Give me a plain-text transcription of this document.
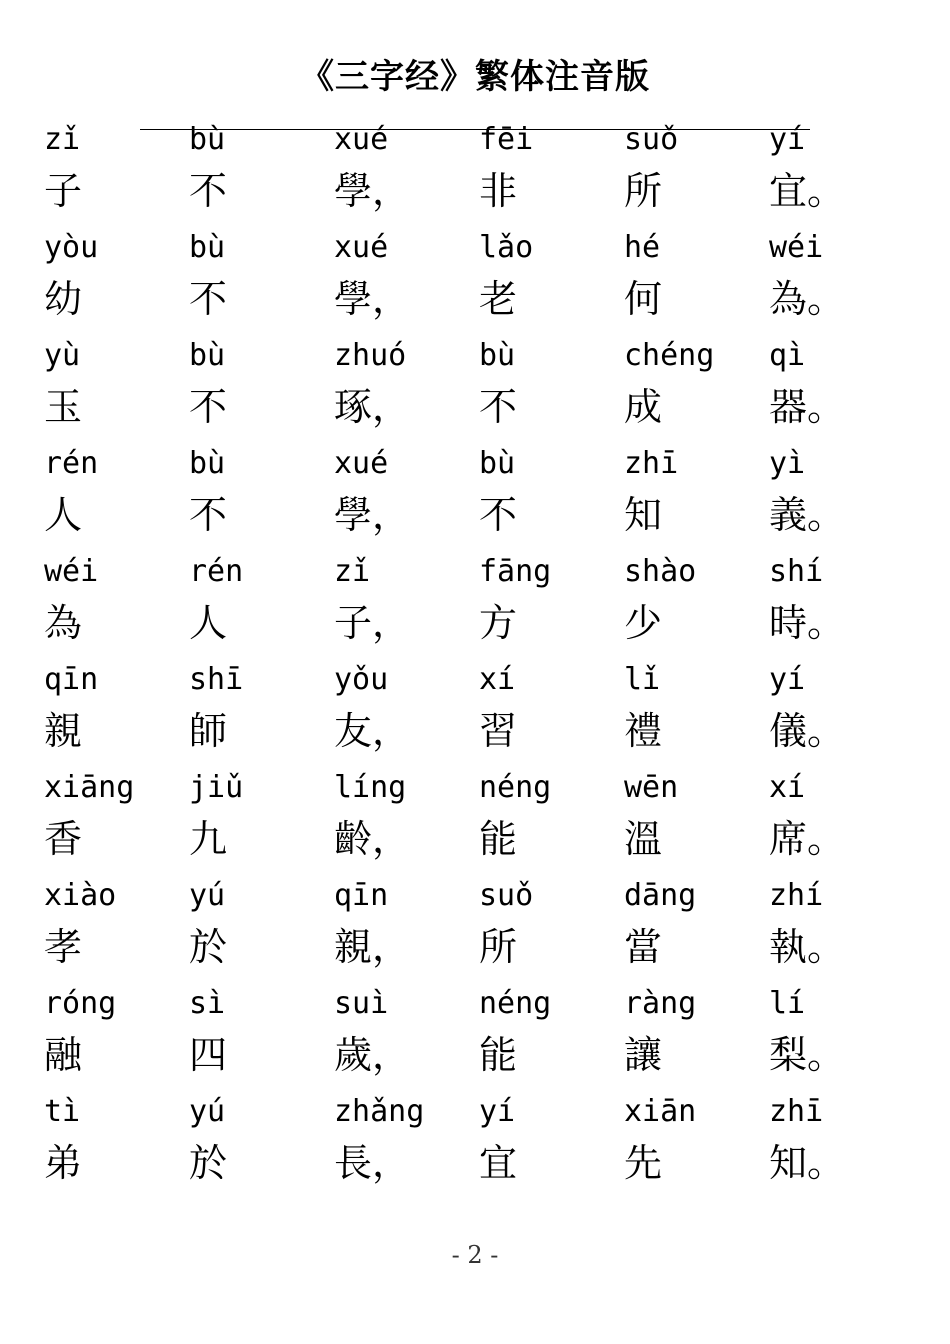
《三字经》繁体注音版
zǐ
子
bù
不
xué
學，
fēi
非
suǒ
所
yí
宜。
yòu
幼
bù
不
xué
學，
lǎo
老
hé
何
wéi
為。
yù
玉
bù
不
zhuó
琢，
bù
不
chéng
成
qì
器。
rén
人
bù
不
xué
學，
bù
不
zhī
知
yì
義。
wéi
為
rén
人
zǐ
子，
fāng
方
shào
少
shí
時。
qīn
親
shī
師
yǒu
友，
xí
習
lǐ
禮
yí
儀。
xiāng
香
jiǔ
九
líng
齡，
néng
能
wēn
溫
xí
席。
xiào
孝
yú
於
qīn
親，
suǒ
所
dāng
當
zhí
執。
róng
融
sì
四
suì
歲，
néng
能
ràng
讓
lí
梨。
tì
弟
yú
於
zhǎng
長，
yí
宜
xiān
先
zhī
知。
- 2 -
